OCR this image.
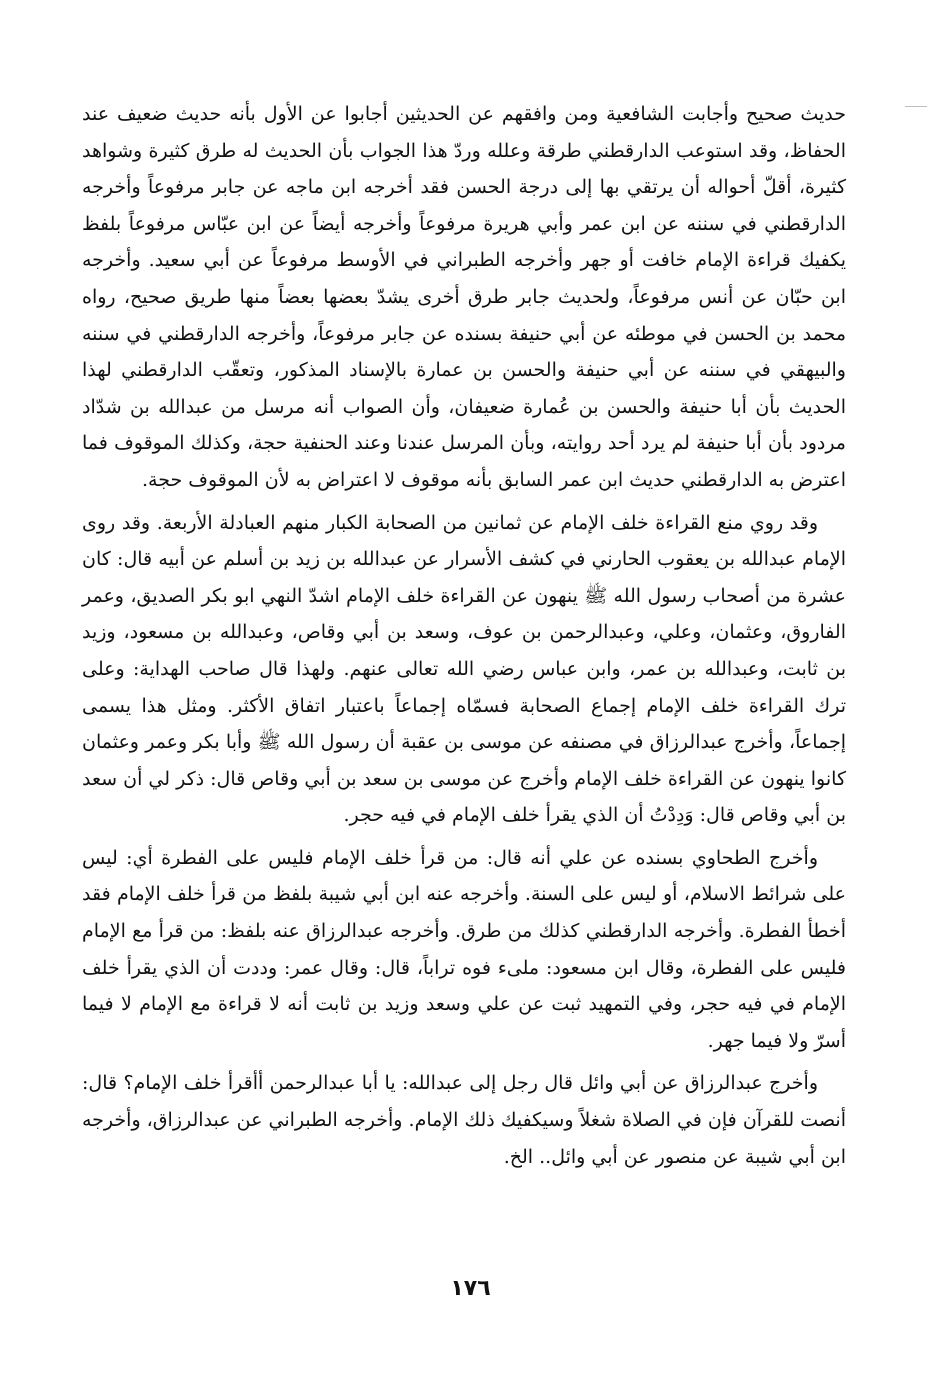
حديث صحيح وأجابت الشافعية ومن وافقهم عن الحديثين أجابوا عن الأول بأنه حديث ضعيف عند الحفاظ، وقد استوعب الدارقطني طرقة وعلله وردّ هذا الجواب بأن الحديث له طرق كثيرة وشواهد كثيرة، أقلّ أحواله أن يرتقي بها إلى درجة الحسن فقد أخرجه ابن ماجه عن جابر مرفوعاً وأخرجه الدارقطني في سننه عن ابن عمر وأبي هريرة مرفوعاً وأخرجه أيضاً عن ابن عبّاس مرفوعاً بلفظ يكفيك قراءة الإمام خافت أو جهر وأخرجه الطبراني في الأوسط مرفوعاً عن أبي سعيد. وأخرجه ابن حبّان عن أنس مرفوعاً، ولحديث جابر طرق أخرى يشدّ بعضها بعضاً منها طريق صحيح، رواه محمد بن الحسن في موطئه عن أبي حنيفة بسنده عن جابر مرفوعاً، وأخرجه الدارقطني في سننه والبيهقي في سننه عن أبي حنيفة والحسن بن عمارة بالإسناد المذكور، وتعقّب الدارقطني لهذا الحديث بأن أبا حنيفة والحسن بن عُمارة ضعيفان، وأن الصواب أنه مرسل من عبدالله بن شدّاد مردود بأن أبا حنيفة لم يرد أحد روايته، وبأن المرسل عندنا وعند الحنفية حجة، وكذلك الموقوف فما اعترض به الدارقطني حديث ابن عمر السابق بأنه موقوف لا اعتراض به لأن الموقوف حجة.

وقد روي منع القراءة خلف الإمام عن ثمانين من الصحابة الكبار منهم العبادلة الأربعة. وقد روى الإمام عبدالله بن يعقوب الحارني في كشف الأسرار عن عبدالله بن زيد بن أسلم عن أبيه قال: كان عشرة من أصحاب رسول الله ﷺ ينهون عن القراءة خلف الإمام اشدّ النهي ابو بكر الصديق، وعمر الفاروق، وعثمان، وعلي، وعبدالرحمن بن عوف، وسعد بن أبي وقاص، وعبدالله بن مسعود، وزيد بن ثابت، وعبدالله بن عمر، وابن عباس رضي الله تعالى عنهم. ولهذا قال صاحب الهداية: وعلى ترك القراءة خلف الإمام إجماع الصحابة فسمّاه إجماعاً باعتبار اتفاق الأكثر. ومثل هذا يسمى إجماعاً، وأخرج عبدالرزاق في مصنفه عن موسى بن عقبة أن رسول الله ﷺ وأبا بكر وعمر وعثمان كانوا ينهون عن القراءة خلف الإمام وأخرج عن موسى بن سعد بن أبي وقاص قال: ذكر لي أن سعد بن أبي وقاص قال: وَدِدْتُ أن الذي يقرأ خلف الإمام في فيه حجر.

وأخرج الطحاوي بسنده عن علي أنه قال: من قرأ خلف الإمام فليس على الفطرة أي: ليس على شرائط الاسلام، أو ليس على السنة. وأخرجه عنه ابن أبي شيبة بلفظ من قرأ خلف الإمام فقد أخطأ الفطرة. وأخرجه الدارقطني كذلك من طرق. وأخرجه عبدالرزاق عنه بلفظ: من قرأ مع الإمام فليس على الفطرة، وقال ابن مسعود: ملىء فوه تراباً، قال: وقال عمر: وددت أن الذي يقرأ خلف الإمام في فيه حجر، وفي التمهيد ثبت عن علي وسعد وزيد بن ثابت أنه لا قراءة مع الإمام لا فيما أسرّ ولا فيما جهر.

وأخرج عبدالرزاق عن أبي وائل قال رجل إلى عبدالله: يا أبا عبدالرحمن أأقرأ خلف الإمام؟ قال: أنصت للقرآن فإن في الصلاة شغلاً وسيكفيك ذلك الإمام. وأخرجه الطبراني عن عبدالرزاق، وأخرجه ابن أبي شيبة عن منصور عن أبي وائل.. الخ.

١٧٦
